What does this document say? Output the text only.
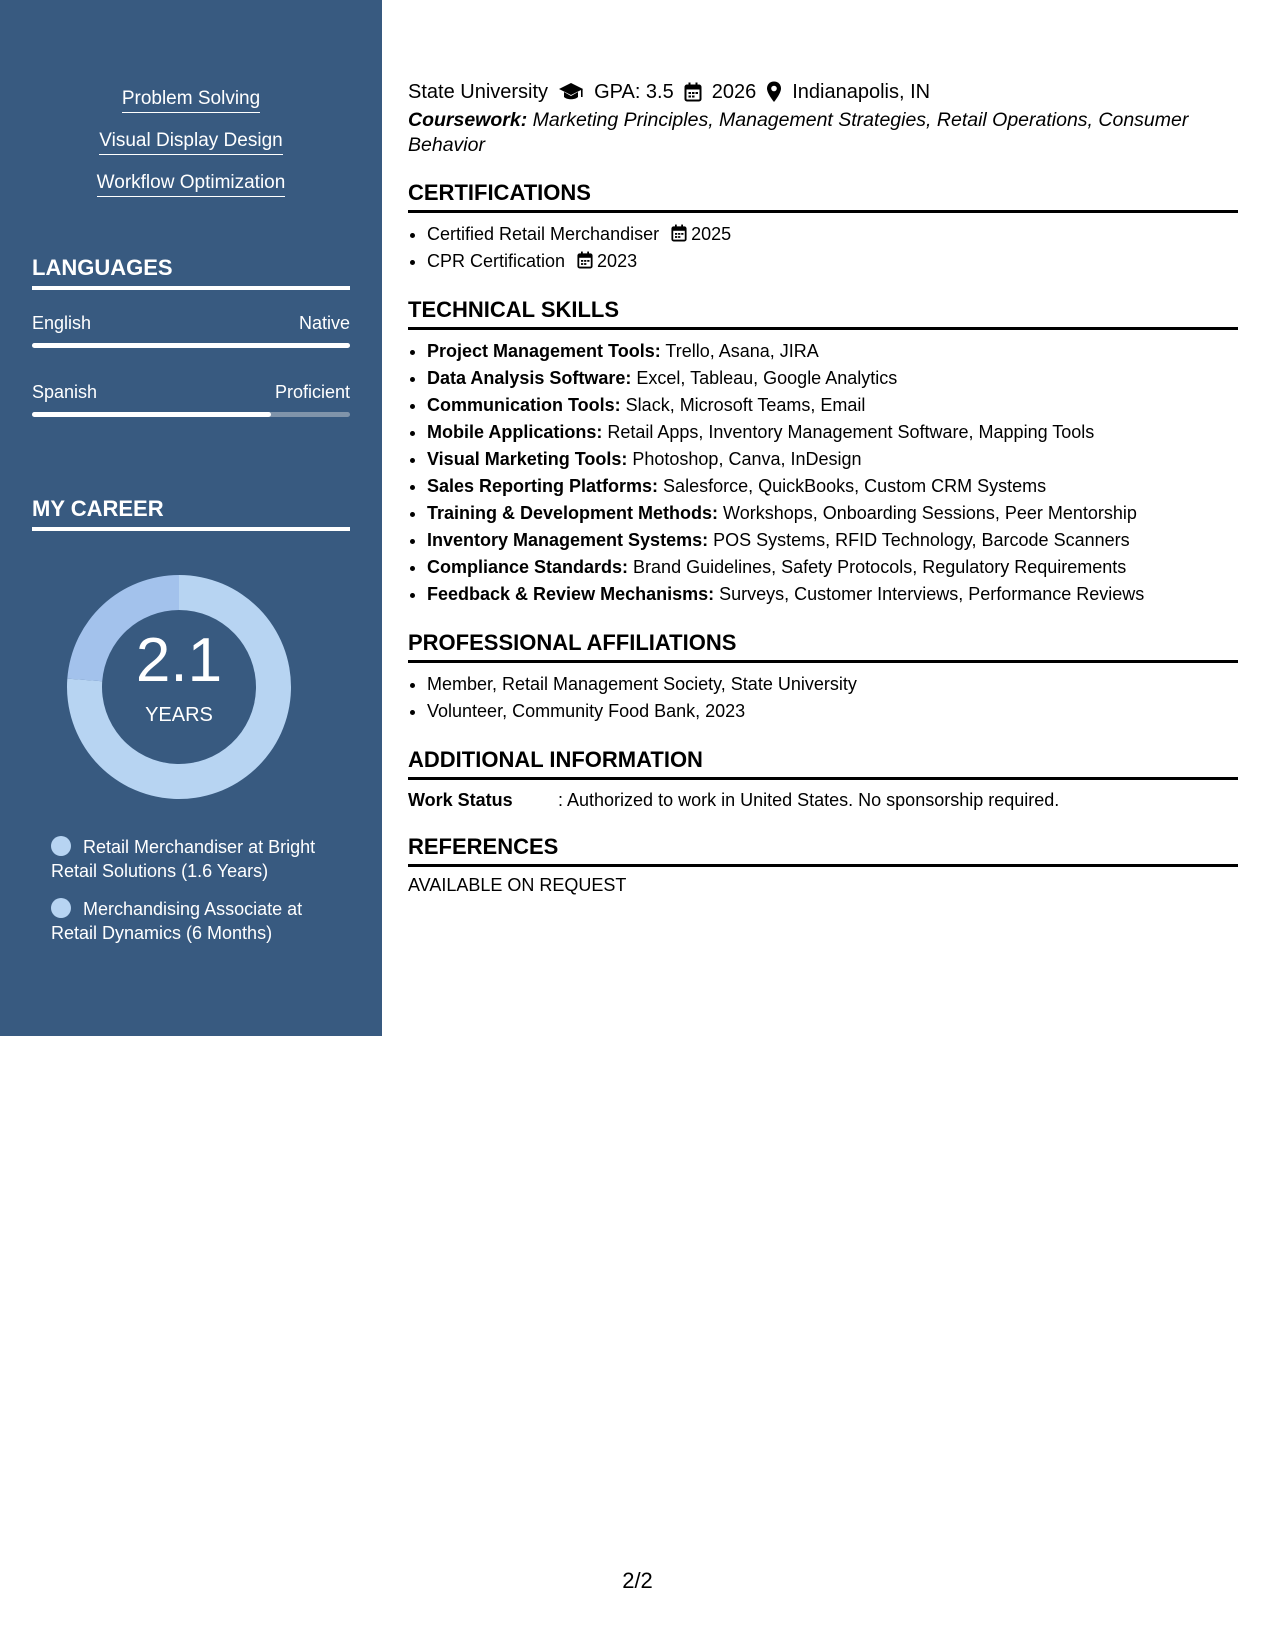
Problem Solving
Visual Display Design
Workflow Optimization
LANGUAGES
English	Native
Spanish	Proficient
MY CAREER
2.1
YEARS
Retail Merchandiser at Bright Retail Solutions (1.6 Years)
Merchandising Associate at Retail Dynamics (6 Months)
State University GPA: 3.5 2026 Indianapolis, IN
Coursework: Marketing Principles, Management Strategies, Retail Operations, Consumer Behavior
CERTIFICATIONS
• Certified Retail Merchandiser 2025
• CPR Certification 2023
TECHNICAL SKILLS
• Project Management Tools: Trello, Asana, JIRA
• Data Analysis Software: Excel, Tableau, Google Analytics
• Communication Tools: Slack, Microsoft Teams, Email
• Mobile Applications: Retail Apps, Inventory Management Software, Mapping Tools
• Visual Marketing Tools: Photoshop, Canva, InDesign
• Sales Reporting Platforms: Salesforce, QuickBooks, Custom CRM Systems
• Training & Development Methods: Workshops, Onboarding Sessions, Peer Mentorship
• Inventory Management Systems: POS Systems, RFID Technology, Barcode Scanners
• Compliance Standards: Brand Guidelines, Safety Protocols, Regulatory Requirements
• Feedback & Review Mechanisms: Surveys, Customer Interviews, Performance Reviews
PROFESSIONAL AFFILIATIONS
• Member, Retail Management Society, State University
• Volunteer, Community Food Bank, 2023
ADDITIONAL INFORMATION
Work Status	: Authorized to work in United States. No sponsorship required.
REFERENCES
AVAILABLE ON REQUEST
2/2
